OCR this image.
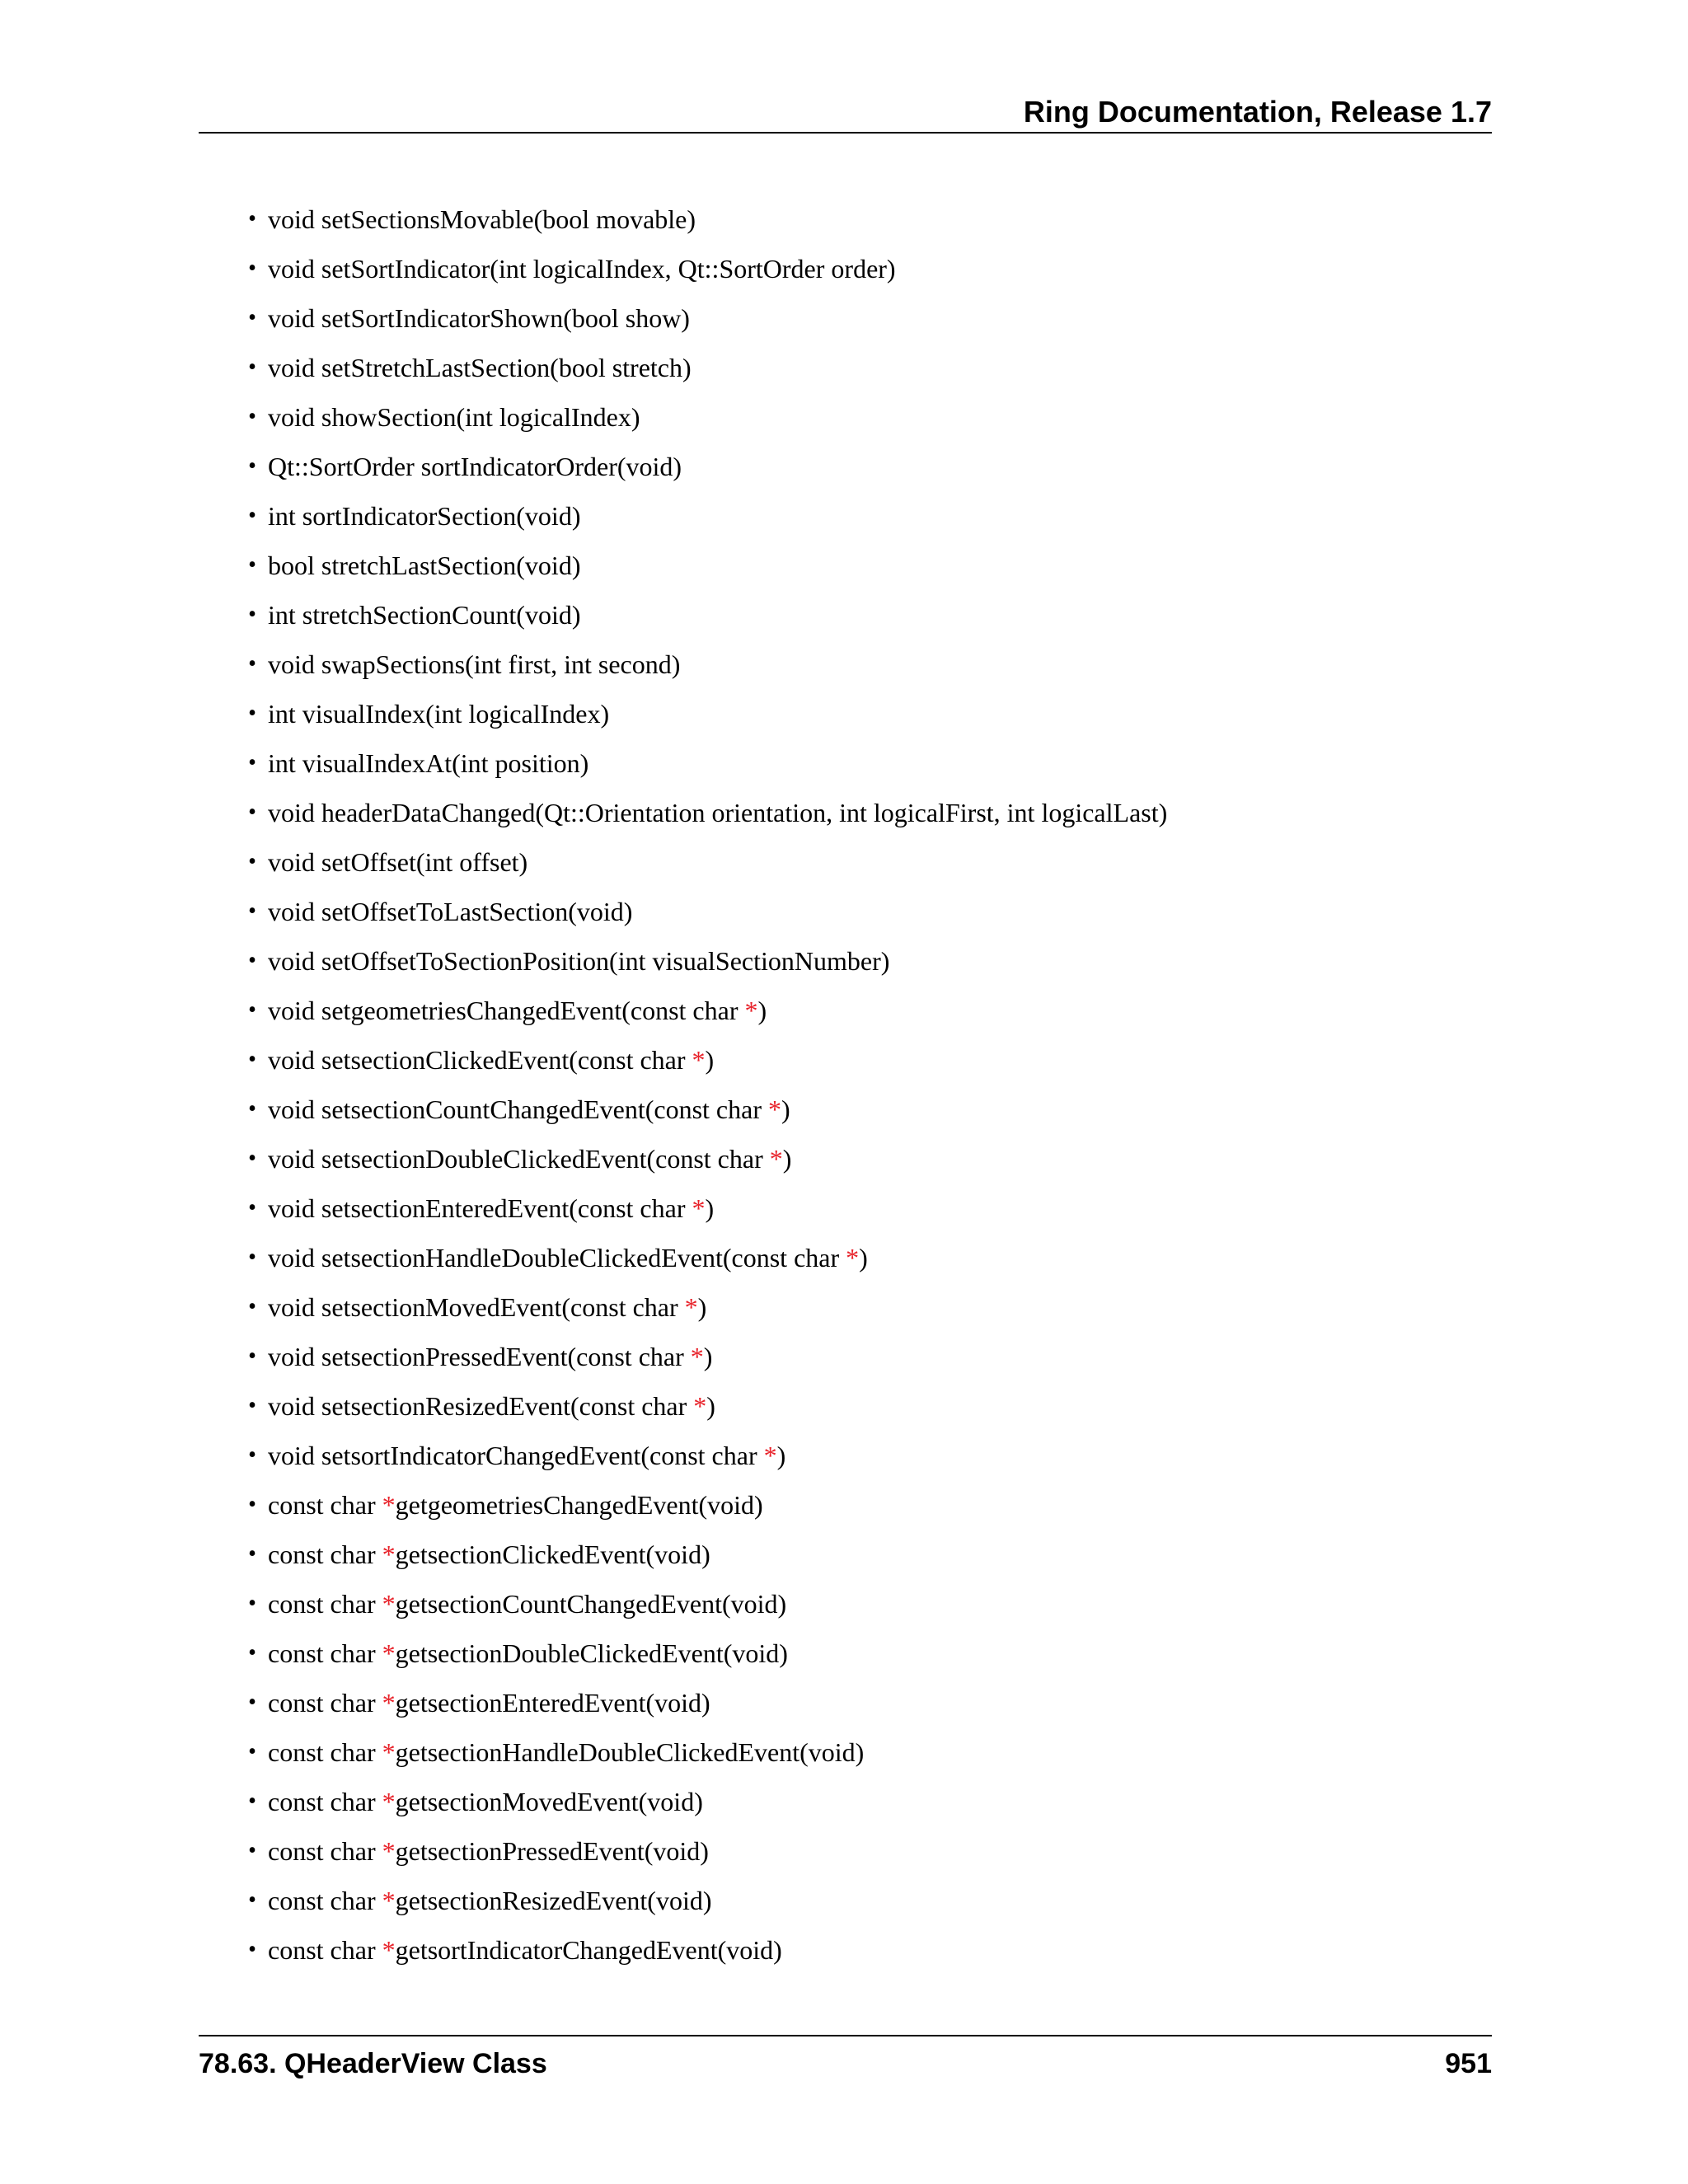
Ring Documentation, Release 1.7
• void setSectionsMovable(bool movable)
• void setSortIndicator(int logicalIndex, Qt::SortOrder order)
• void setSortIndicatorShown(bool show)
• void setStretchLastSection(bool stretch)
• void showSection(int logicalIndex)
• Qt::SortOrder sortIndicatorOrder(void)
• int sortIndicatorSection(void)
• bool stretchLastSection(void)
• int stretchSectionCount(void)
• void swapSections(int first, int second)
• int visualIndex(int logicalIndex)
• int visualIndexAt(int position)
• void headerDataChanged(Qt::Orientation orientation, int logicalFirst, int logicalLast)
• void setOffset(int offset)
• void setOffsetToLastSection(void)
• void setOffsetToSectionPosition(int visualSectionNumber)
• void setgeometriesChangedEvent(const char *)
• void setsectionClickedEvent(const char *)
• void setsectionCountChangedEvent(const char *)
• void setsectionDoubleClickedEvent(const char *)
• void setsectionEnteredEvent(const char *)
• void setsectionHandleDoubleClickedEvent(const char *)
• void setsectionMovedEvent(const char *)
• void setsectionPressedEvent(const char *)
• void setsectionResizedEvent(const char *)
• void setsortIndicatorChangedEvent(const char *)
• const char *getgeometriesChangedEvent(void)
• const char *getsectionClickedEvent(void)
• const char *getsectionCountChangedEvent(void)
• const char *getsectionDoubleClickedEvent(void)
• const char *getsectionEnteredEvent(void)
• const char *getsectionHandleDoubleClickedEvent(void)
• const char *getsectionMovedEvent(void)
• const char *getsectionPressedEvent(void)
• const char *getsectionResizedEvent(void)
• const char *getsortIndicatorChangedEvent(void)
78.63. QHeaderView Class	951
